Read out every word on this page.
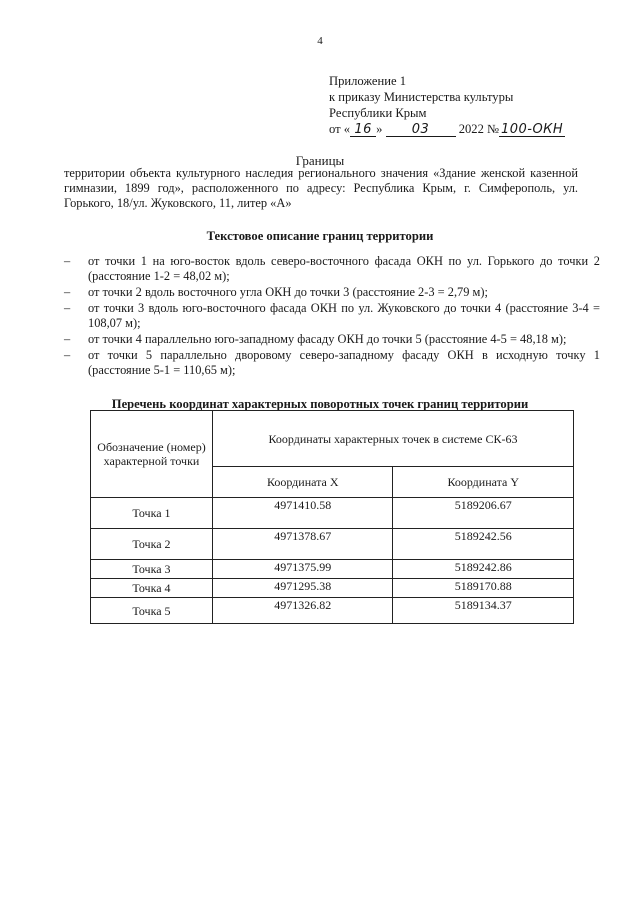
4
Приложение 1
к приказу Министерства культуры
Республики Крым
от « 16 » 03 2022 № 100-ОКН
Границы
территории объекта культурного наследия регионального значения «Здание женской казенной гимназии, 1899 год», расположенного по адресу: Республика Крым, г. Симферополь, ул. Горького, 18/ул. Жуковского, 11, литер «А»
Текстовое описание границ территории
– от точки 1 на юго-восток вдоль северо-восточного фасада ОКН по ул. Горького до точки 2 (расстояние 1-2 = 48,02 м);
– от точки 2 вдоль восточного угла ОКН до точки 3 (расстояние 2-3 = 2,79 м);
– от точки 3 вдоль юго-восточного фасада ОКН по ул. Жуковского до точки 4 (расстояние 3-4 = 108,07 м);
– от точки 4 параллельно юго-западному фасаду ОКН до точки 5 (расстояние 4-5 = 48,18 м);
– от точки 5 параллельно дворовому северо-западному фасаду ОКН в исходную точку 1 (расстояние 5-1 = 110,65 м);
Перечень координат характерных поворотных точек границ территории
Обозначение (номер) характерной точки	Координаты характерных точек в системе СК-63	
	Координата X	Координата Y
Точка 1	4971410.58	5189206.67
Точка 2	4971378.67	5189242.56
Точка 3	4971375.99	5189242.86
Точка 4	4971295.38	5189170.88
Точка 5	4971326.82	5189134.37
